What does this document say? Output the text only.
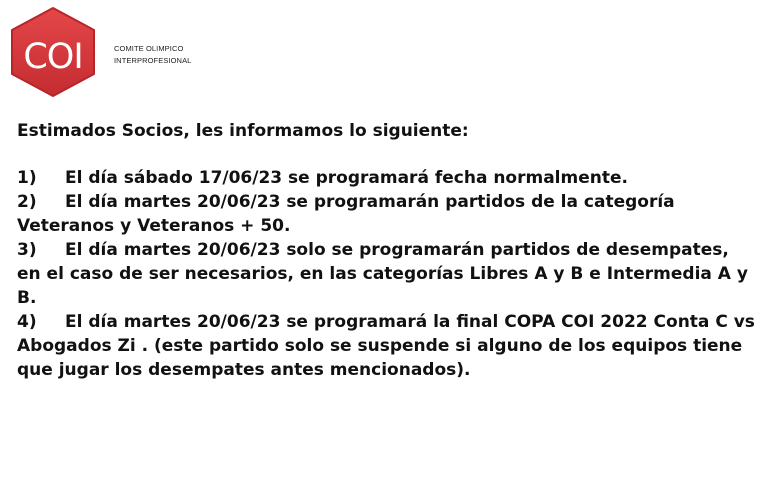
COI	COMITE OLIMPICO
INTERPROFESIONAL

Estimados Socios, les informamos lo siguiente:

1) El día sábado 17/06/23 se programará fecha normalmente.

2) El día martes 20/06/23 se programarán partidos de la categoría Veteranos y Veteranos + 50.

3) El día martes 20/06/23 solo se programarán partidos de desempates, en el caso de ser necesarios, en las categorías Libres A y B e Intermedia A y B.

4) El día martes 20/06/23 se programará la final COPA COI 2022 Conta C vs Abogados Zi . (este partido solo se suspende si alguno de los equipos tiene que jugar los desempates antes mencionados).
